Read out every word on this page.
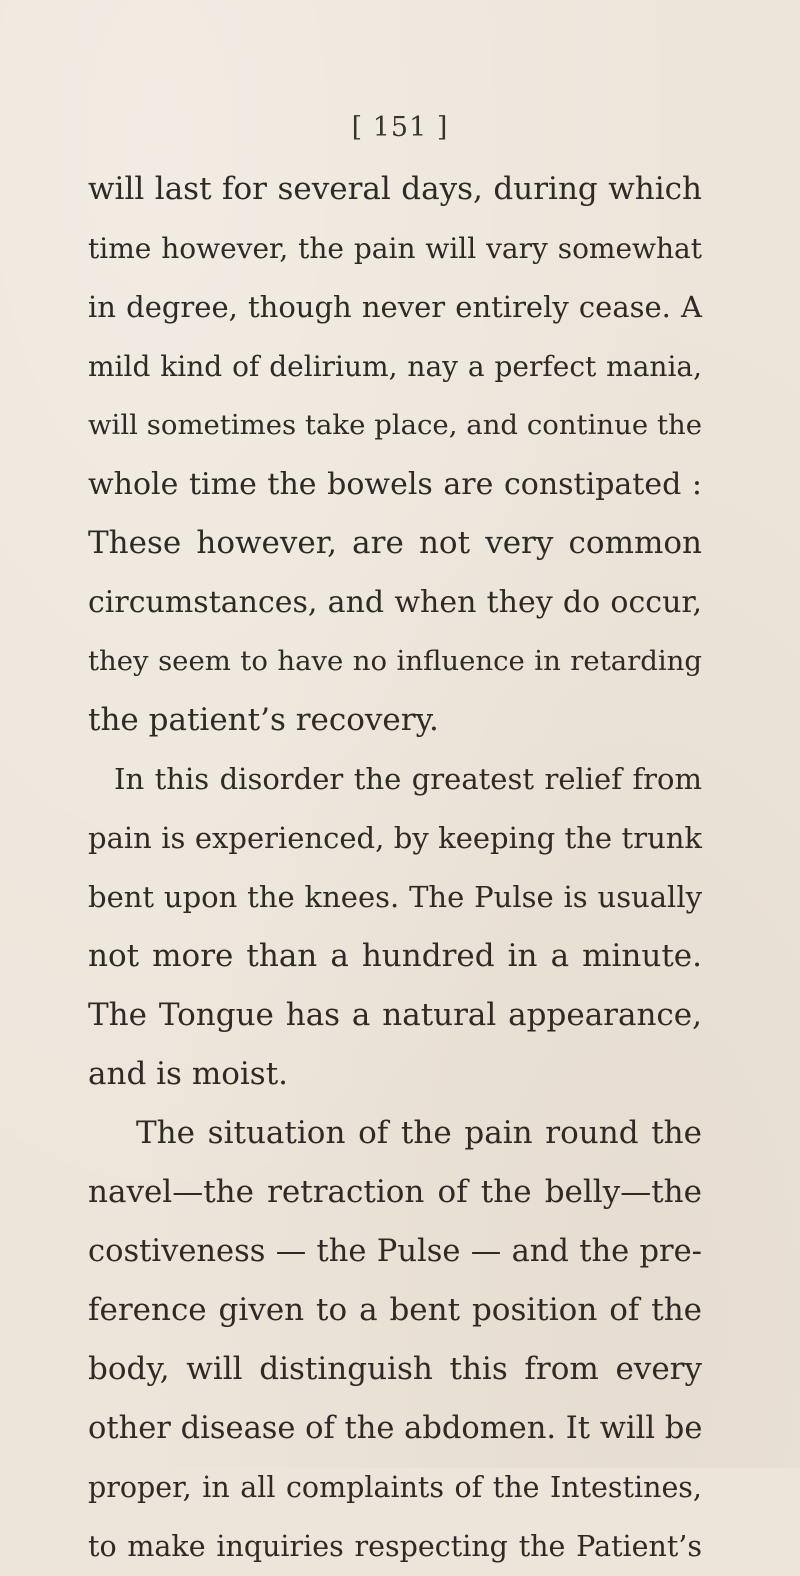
[ 151 ]
will last for several days, during which
time however, the pain will vary somewhat
in degree, though never entirely cease. A
mild kind of delirium, nay a perfect mania,
will sometimes take place, and continue the
whole time the bowels are constipated :
These however, are not very common
circumstances, and when they do occur,
they seem to have no influence in retarding
the patient’s recovery.
In this disorder the greatest relief from
pain is experienced, by keeping the trunk
bent upon the knees. The Pulse is usually
not more than a hundred in a minute.
The Tongue has a natural appearance,
and is moist.
The situation of the pain round the
navel—the retraction of the belly—the
costiveness — the Pulse — and the pre-
ference given to a bent position of the
body, will distinguish this from every
other disease of the abdomen. It will be
proper, in all complaints of the Intestines,
to make inquiries respecting the Patient’s
